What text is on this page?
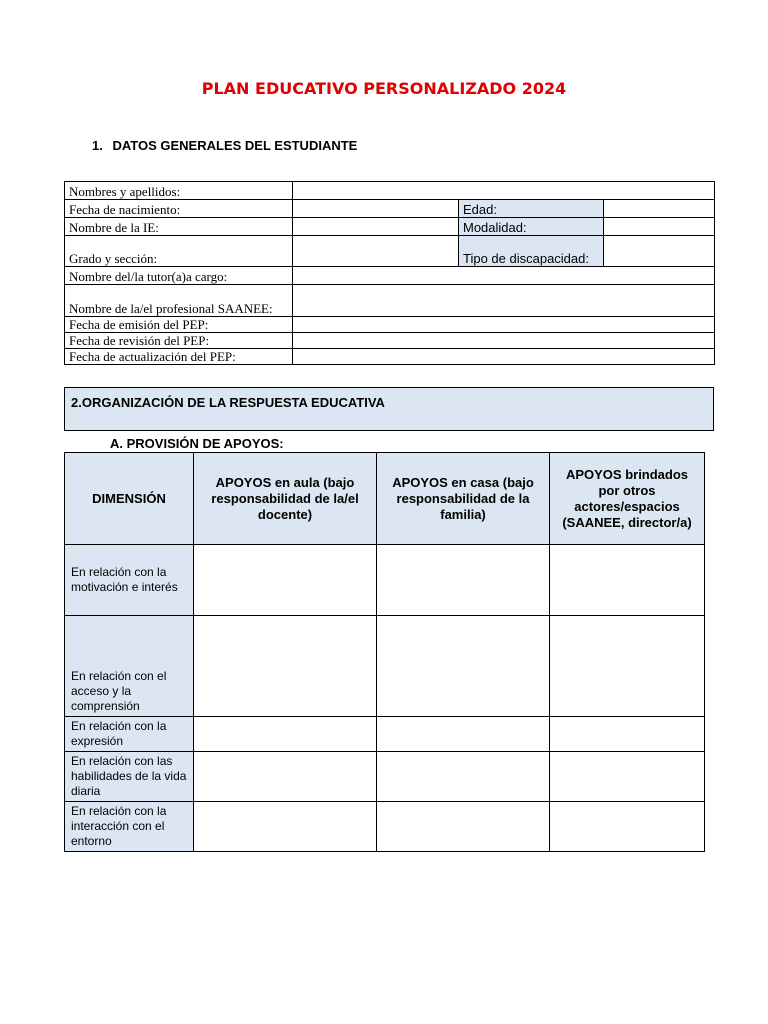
PLAN EDUCATIVO PERSONALIZADO 2024
1. DATOS GENERALES DEL ESTUDIANTE
Nombres y apellidos:			
Fecha de nacimiento:		Edad:	
Nombre de la IE:		Modalidad:	
Grado y sección:		Tipo de discapacidad:	
Nombre del/la tutor(a)a cargo:			
Nombre de la/el profesional SAANEE:			
Fecha de emisión del PEP:			
Fecha de revisión del PEP:			
Fecha de actualización del PEP:			
2.ORGANIZACIÓN DE LA RESPUESTA EDUCATIVA
A. PROVISIÓN DE APOYOS:
DIMENSIÓN	APOYOS en aula (bajo responsabilidad de la/el docente)	APOYOS en casa (bajo responsabilidad de la familia)	APOYOS brindados por otros actores/espacios (SAANEE, director/a)
En relación con la motivación e interés			
En relación con el acceso y la comprensión			
En relación con la expresión			
En relación con las habilidades de la vida diaria			
En relación con la interacción con el entorno			
